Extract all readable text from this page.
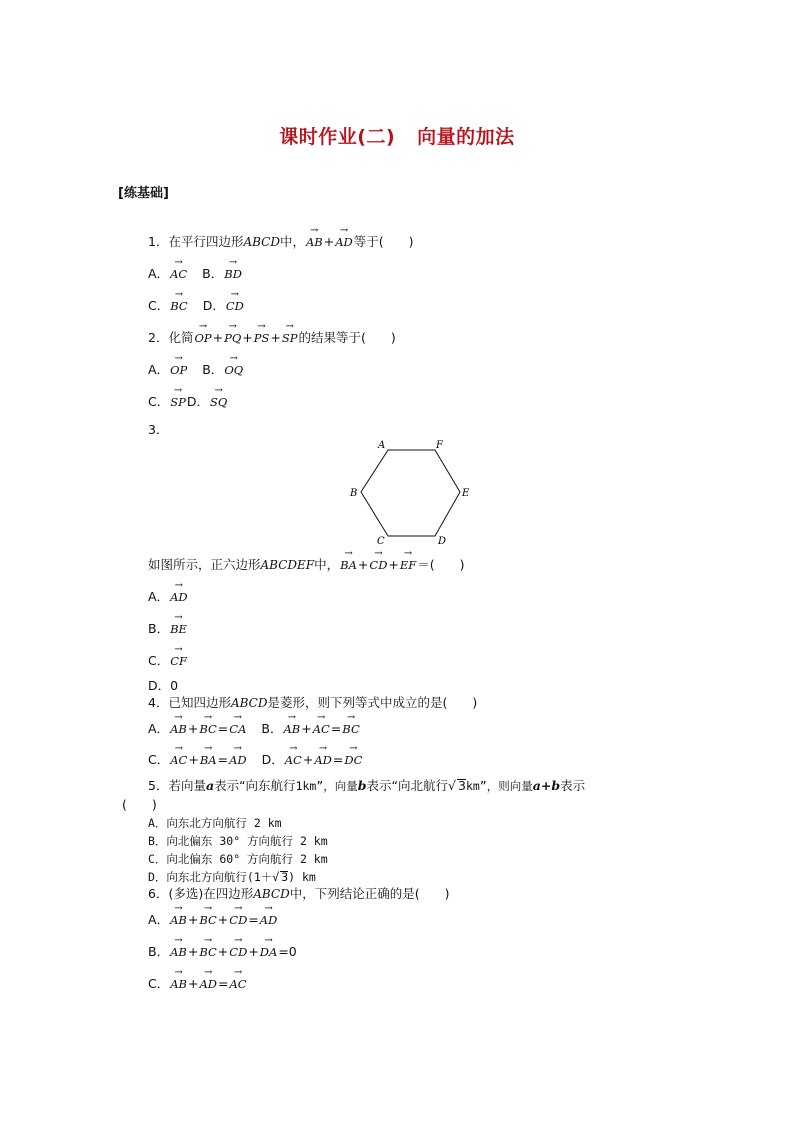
课时作业(二) 向量的加法
[练基础]
1．在平行四边形ABCD中，→ AB+→ AD等于(　　)
A．→ AC B．→ BD
C．→ BC D．→ CD
2．化简→ OP+→ PQ+→ PS+→ SP的结果等于(　　)
A．→ OP B．→ OQ
C．→ SPD．→ SQ
3．
A	F
B	E
C	D
如图所示，正六边形ABCDEF中，→ BA+→ CD+→ EF＝(　　)
A．→ AD
B．→ BE
C．→ CF
D．0
4．已知四边形ABCD是菱形，则下列等式中成立的是(　　)
A．→ AB+→ BC=→ CA B．→ AB+→ AC=→ BC
C．→ AC+→ BA=→ AD D．→ AC+→ AD=→ DC
5．若向量a表示“向东航行1km”，向量b表示“向北航行√ 3km”，则向量a+b表示
(　　)
A．向东北方向航行 2 km
B．向北偏东 30° 方向航行 2 km
C．向北偏东 60° 方向航行 2 km
D．向东北方向航行(1＋√ 3) km
6．(多选)在四边形ABCD中，下列结论正确的是(　　)
A．→ AB+→ BC+→ CD=→ AD
B．→ AB+→ BC+→ CD+→ DA=0
C．→ AB+→ AD=→ AC
